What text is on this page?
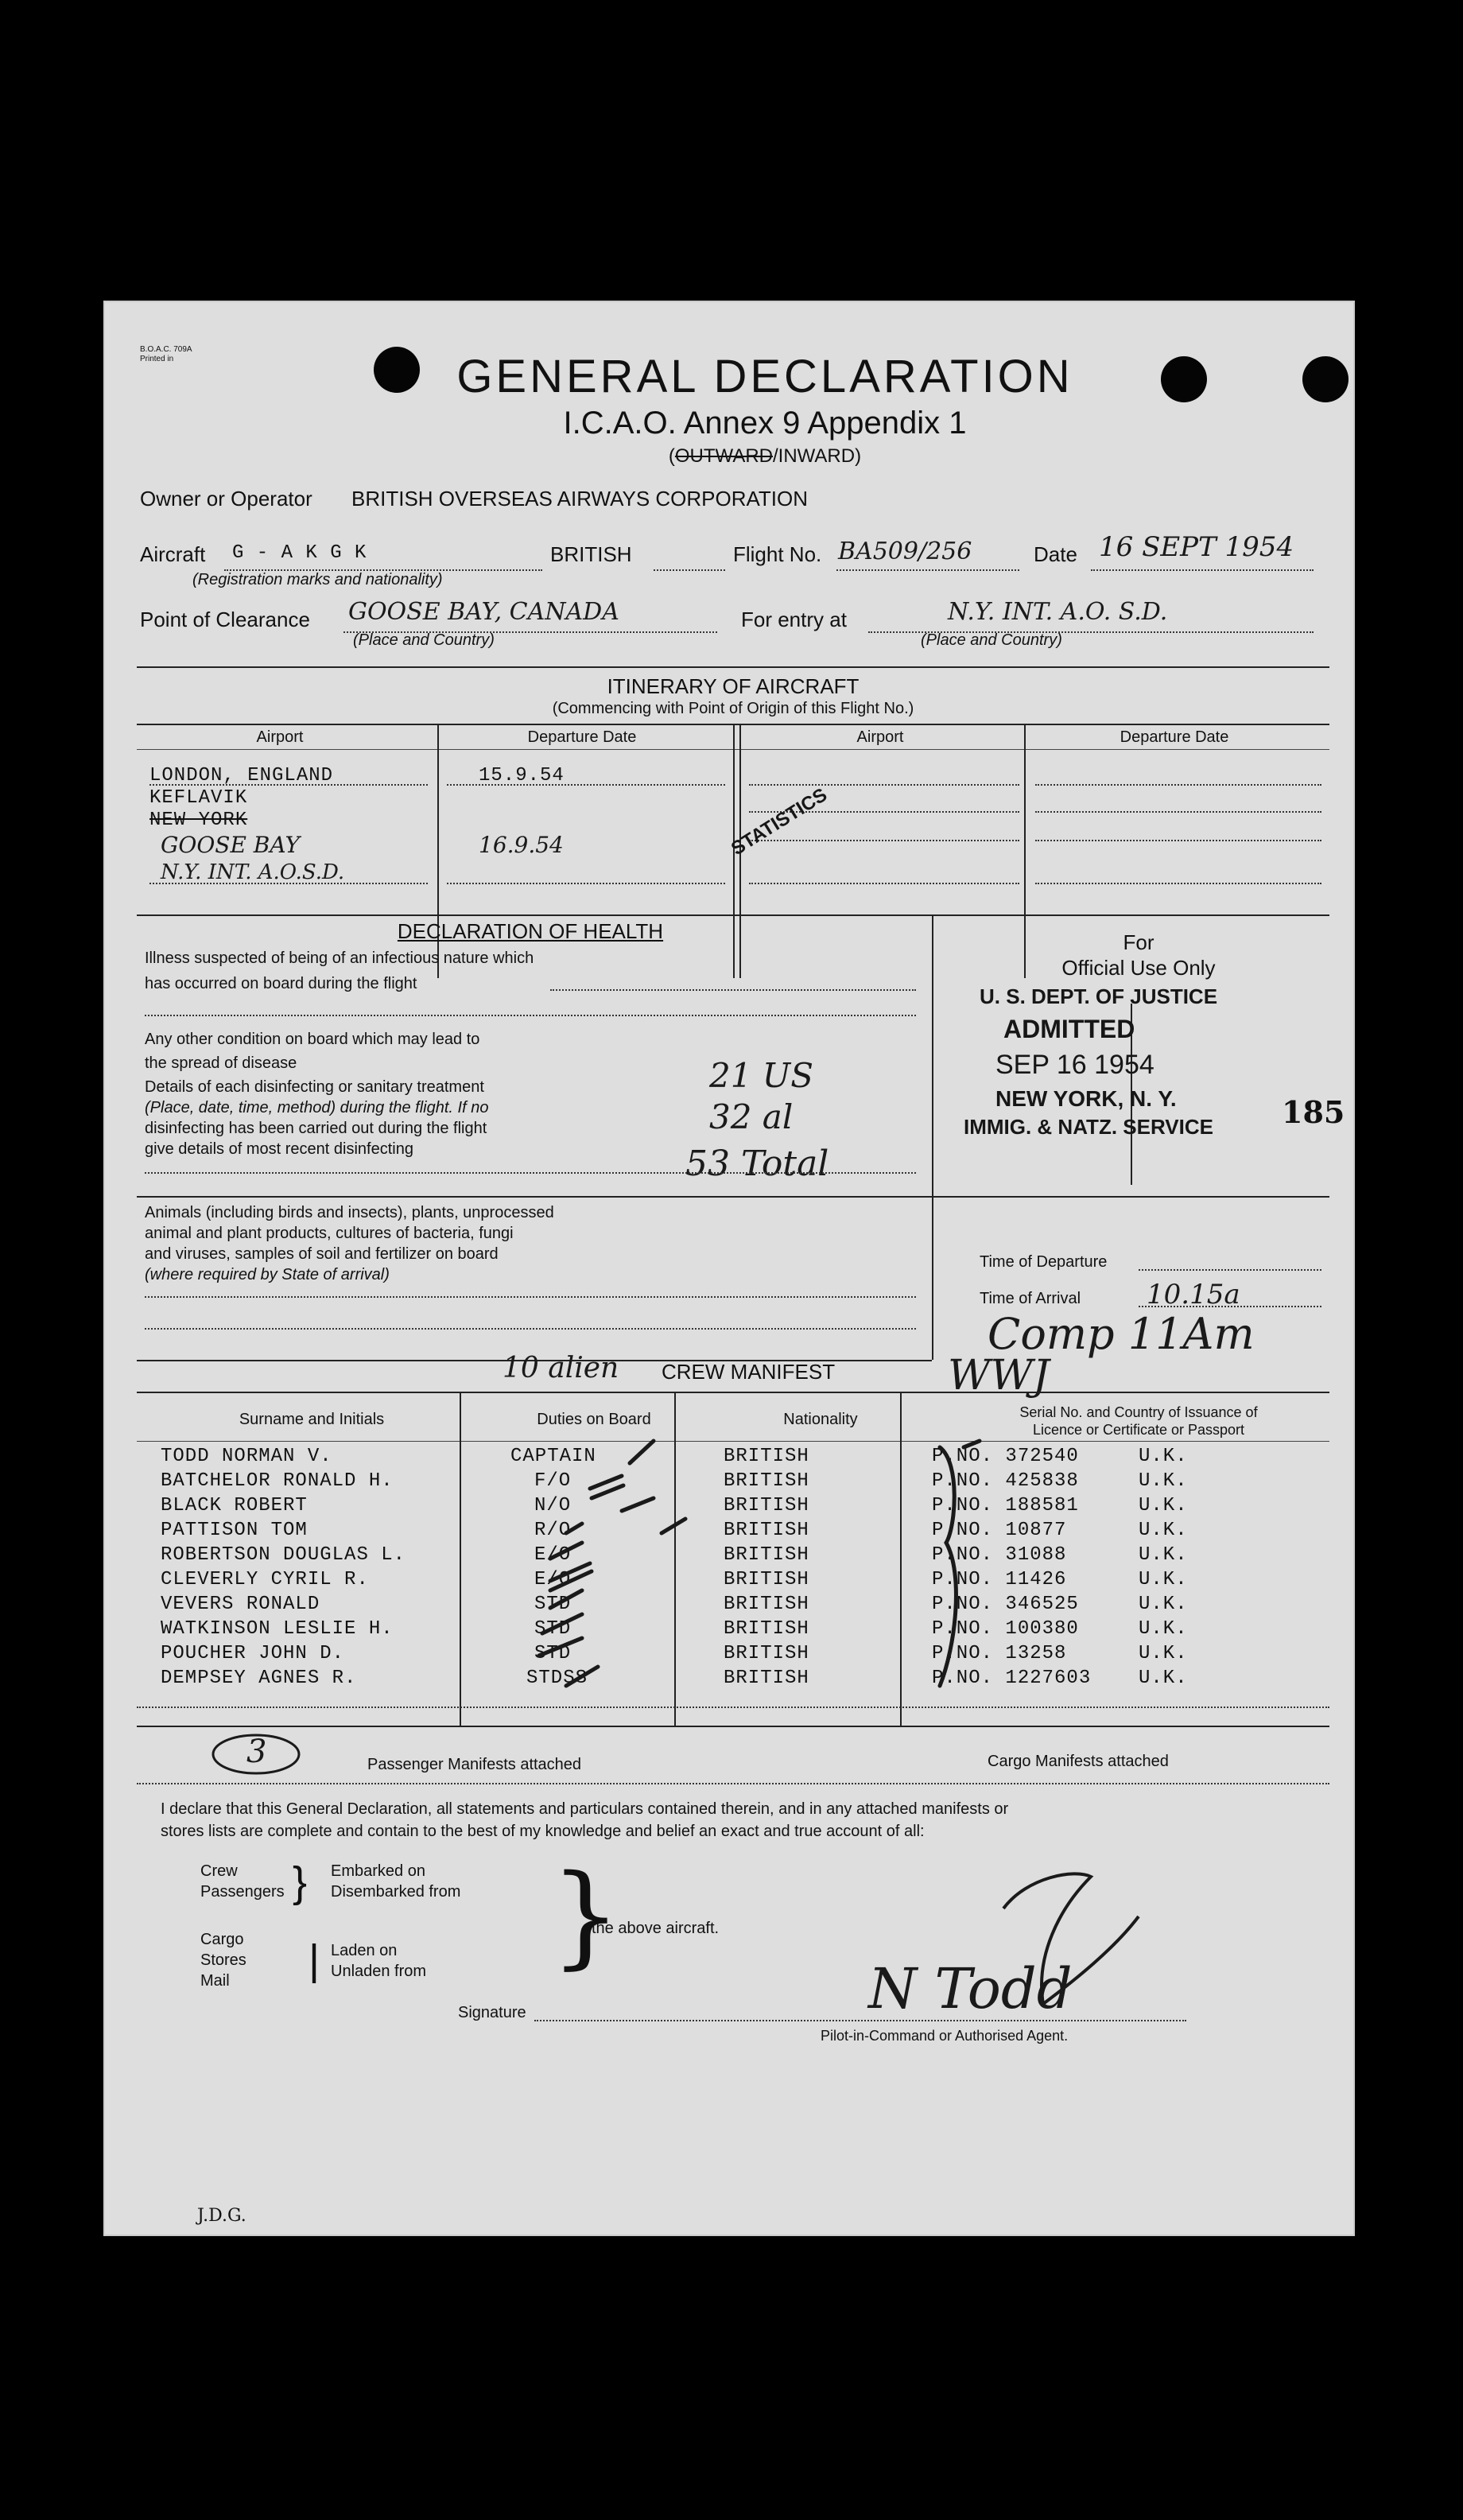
B.O.A.C. 709A
Printed in	GENERAL DECLARATION
I.C.A.O. Annex 9 Appendix 1
(OUTWARD/INWARD)
Owner or Operator BRITISH OVERSEAS AIRWAYS CORPORATION
Aircraft G - A K G K
(Registration marks and nationality)
BRITISH	Flight No. BA509/256	Date 16 SEPT 1954
Point of Clearance GOOSE BAY, CANADA
(Place and Country)
For entry at	N.Y. INT. A.O. S.D.
(Place and Country)
ITINERARY OF AIRCRAFT
(Commencing with Point of Origin of this Flight No.)
Airport	Departure Date	Airport	Departure Date
LONDON, ENGLAND	15.9.54
KEFLAVIK
NEW YORK
GOOSE BAY	16.9.54
N.Y. INT. A.O.S.D.
STATISTICS
DECLARATION OF HEALTH
Illness suspected of being of an infectious nature which
has occurred on board during the flight
Any other condition on board which may lead to
the spread of disease
Details of each disinfecting or sanitary treatment
(Place, date, time, method) during the flight. If no
disinfecting has been carried out during the flight
give details of most recent disinfecting
21 US
32 al
53 Total
Animals (including birds and insects), plants, unprocessed
animal and plant products, cultures of bacteria, fungi
and viruses, samples of soil and fertilizer on board
(where required by State of arrival)
For
Official Use Only
U. S. DEPT. OF JUSTICE
ADMITTED
SEP 16 1954
NEW YORK, N. Y.
IMMIG. & NATZ. SERVICE 185
Time of Departure
Time of Arrival 10.15a
Comp 11Am
WWJ
10 alien CREW MANIFEST
Surname and Initials	Duties on Board	Nationality	Serial No. and Country of Issuance of
Licence or Certificate or Passport
TODD NORMAN V.	CAPTAIN	BRITISH	P.NO. 372540	U.K.
BATCHELOR RONALD H.	F/O	BRITISH	P.NO. 425838	U.K.
BLACK ROBERT	N/O	BRITISH	P.NO. 188581	U.K.
PATTISON TOM	R/O	BRITISH	P.NO. 10877	U.K.
ROBERTSON DOUGLAS L.	E/O	BRITISH	P.NO. 31088	U.K.
CLEVERLY CYRIL R.	E/O	BRITISH	P.NO. 11426	U.K.
VEVERS RONALD	STD	BRITISH	P.NO. 346525	U.K.
WATKINSON LESLIE H.	STD	BRITISH	P.NO. 100380	U.K.
POUCHER JOHN D.	STD	BRITISH	P.NO. 13258	U.K.
DEMPSEY AGNES R.	STDSS	BRITISH	P.NO. 1227603 U.K.
3	Passenger Manifests attached	Cargo Manifests attached
I declare that this General Declaration, all statements and particulars contained therein, and in any attached manifests or
stores lists are complete and contain to the best of my knowledge and belief an exact and true account of all:
Crew
Passengers } Embarked on
Disembarked from
Cargo
Stores
Mail	| Laden on
Unladen from }
the above aircraft.
Signature	N Todd
Pilot-in-Command or Authorised Agent.
J.D.G.
